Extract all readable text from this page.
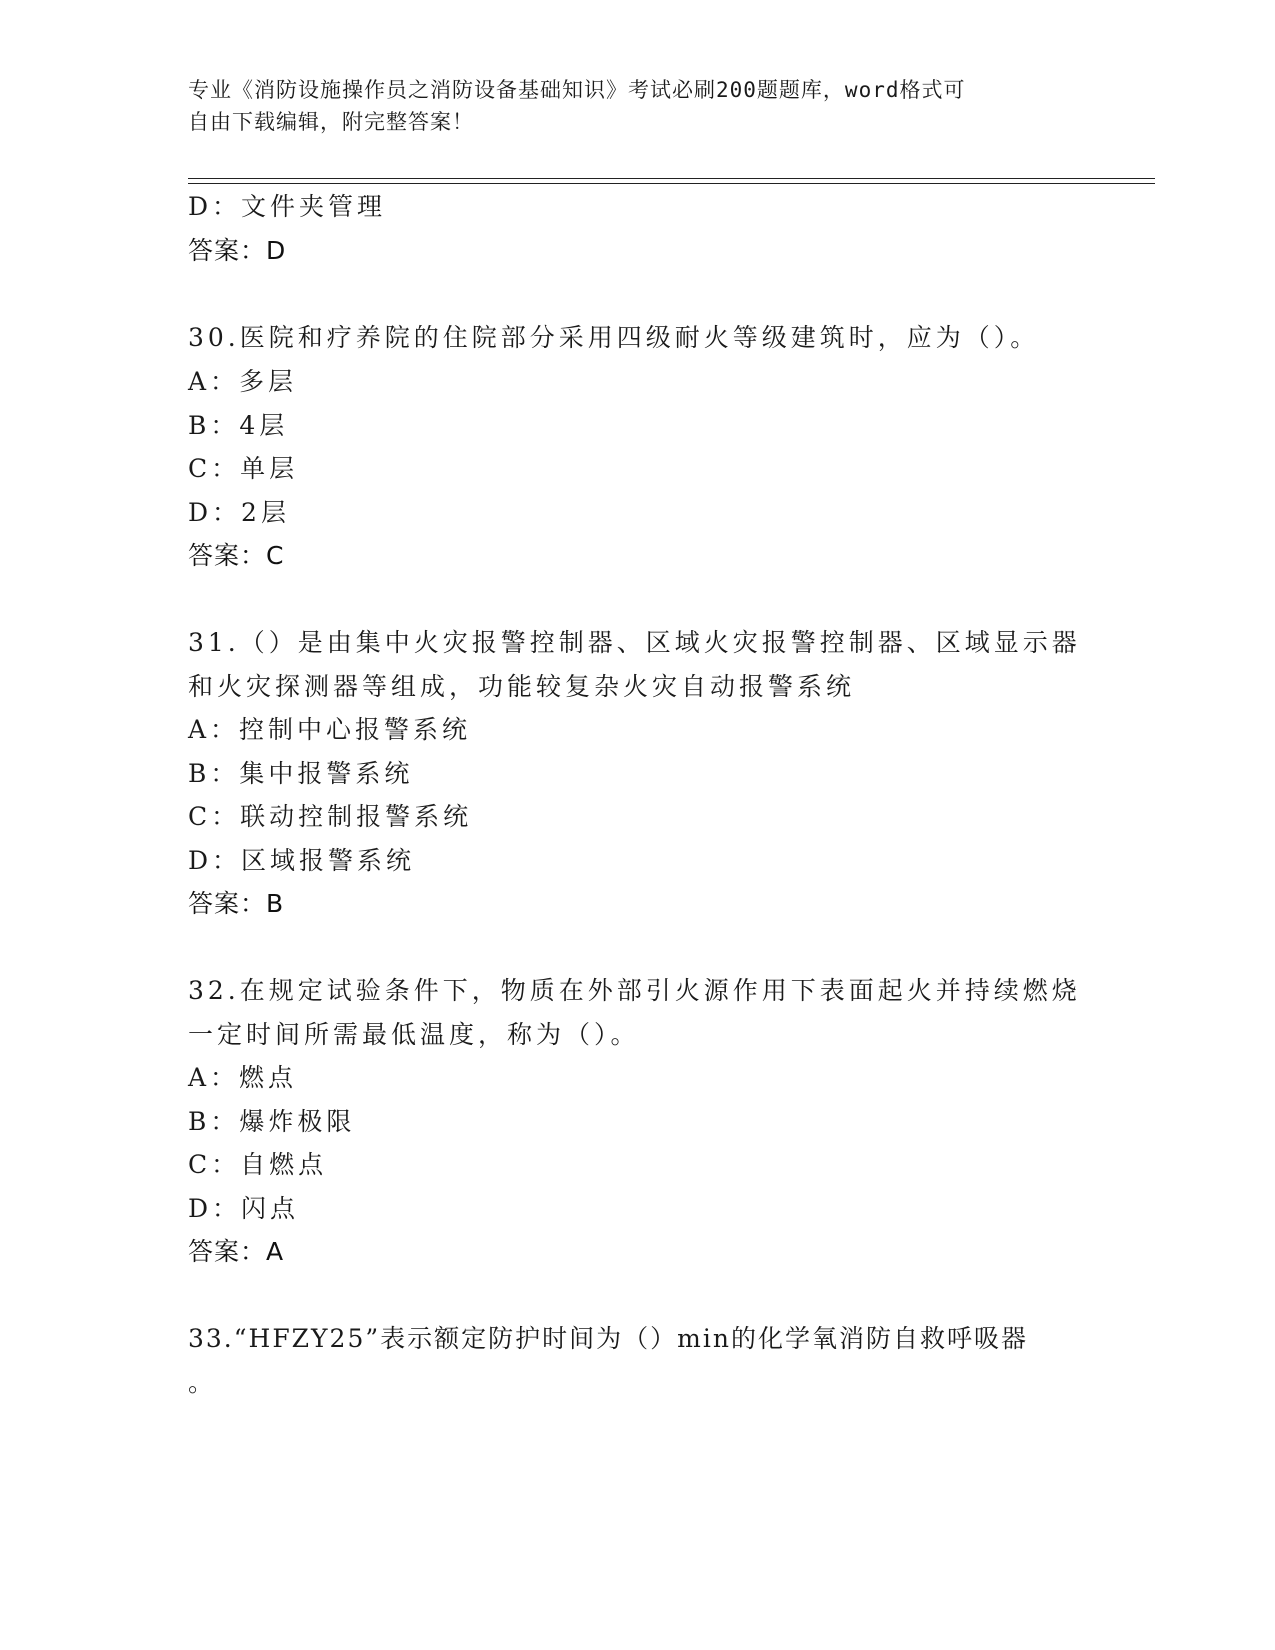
专业《消防设施操作员之消防设备基础知识》考试必刷200题题库，word格式可
自由下载编辑，附完整答案！
D：文件夹管理
答案：D
30.医院和疗养院的住院部分采用四级耐火等级建筑时，应为（）。
A：多层
B：4层
C：单层
D：2层
答案：C
31.（）是由集中火灾报警控制器、区域火灾报警控制器、区域显示器
和火灾探测器等组成，功能较复杂火灾自动报警系统
A：控制中心报警系统
B：集中报警系统
C：联动控制报警系统
D：区域报警系统
答案：B
32.在规定试验条件下，物质在外部引火源作用下表面起火并持续燃烧
一定时间所需最低温度，称为（）。
A：燃点
B：爆炸极限
C：自燃点
D：闪点
答案：A
33.“HFZY25”表示额定防护时间为（）min的化学氧消防自救呼吸器
。
